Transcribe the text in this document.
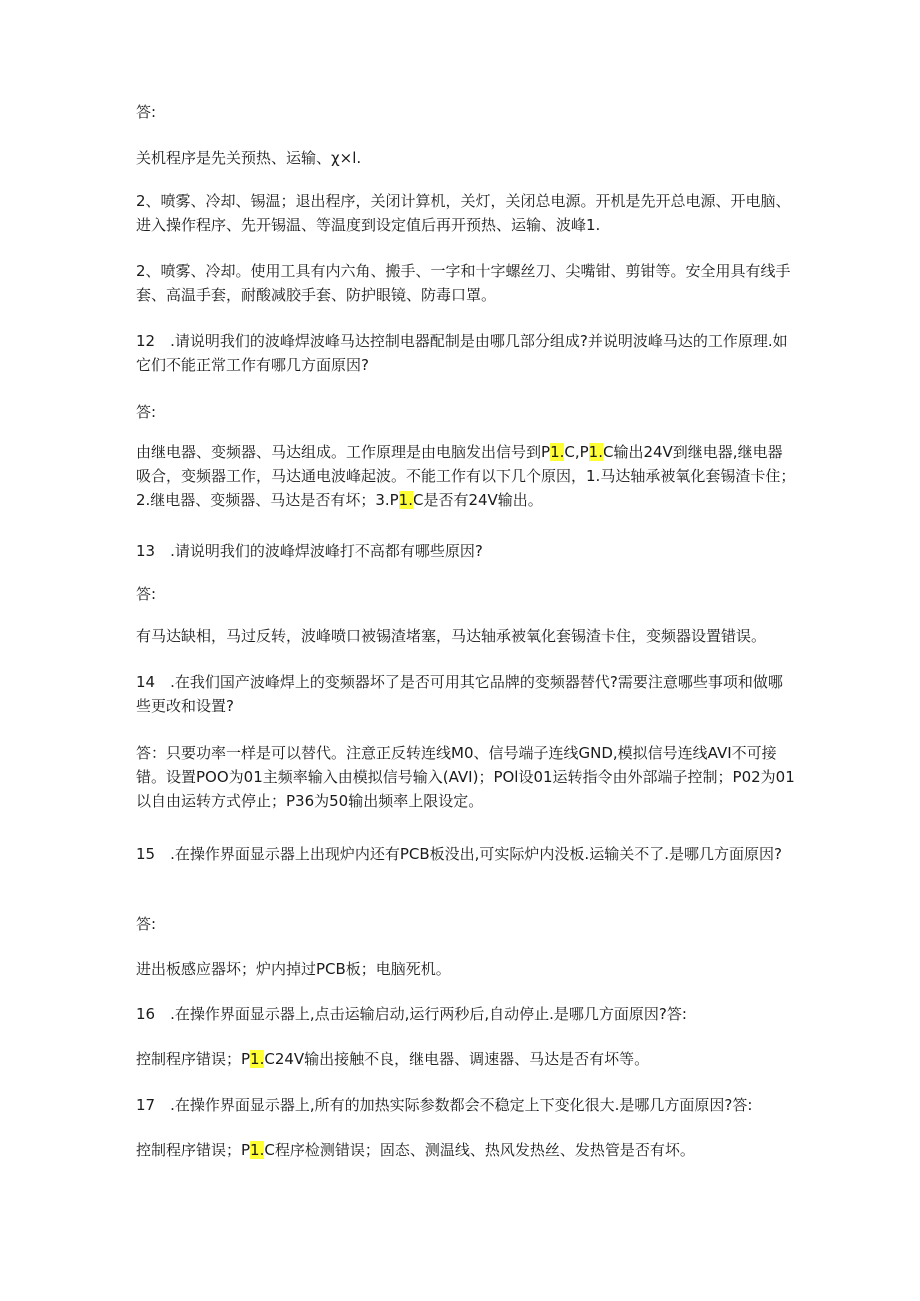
答:

关机程序是先关预热、运输、χ×l.

2、喷雾、冷却、锡温；退出程序，关闭计算机，关灯，关闭总电源。开机是先开总电源、开电脑、进入操作程序、先开锡温、等温度到设定值后再开预热、运输、波峰1.

2、喷雾、冷却。使用工具有内六角、搬手、一字和十字螺丝刀、尖嘴钳、剪钳等。安全用具有线手套、高温手套，耐酸减胶手套、防护眼镜、防毒口罩。

12　.请说明我们的波峰焊波峰马达控制电器配制是由哪几部分组成?并说明波峰马达的工作原理.如它们不能正常工作有哪几方面原因?

答:

由继电器、变频器、马达组成。工作原理是由电脑发出信号到P1.C,P1.C输出24V到继电器,继电器吸合，变频器工作，马达通电波峰起波。不能工作有以下几个原因，1.马达轴承被氧化套锡渣卡住；2.继电器、变频器、马达是否有坏；3.P1.C是否有24V输出。

13　.请说明我们的波峰焊波峰打不高都有哪些原因?

答:

有马达缺相，马过反转，波峰喷口被锡渣堵塞，马达轴承被氧化套锡渣卡住，变频器设置错误。

14　.在我们国产波峰焊上的变频器坏了是否可用其它品牌的变频器替代?需要注意哪些事项和做哪些更改和设置?

答：只要功率一样是可以替代。注意正反转连线M0、信号端子连线GND,模拟信号连线AVI不可接错。设置POO为01主频率输入由模拟信号输入(AVI)；POl设01运转指令由外部端子控制；P02为01以自由运转方式停止；P36为50输出频率上限设定。

15　.在操作界面显示器上出现炉内还有PCB板没出,可实际炉内没板.运输关不了.是哪几方面原因?

答:

进出板感应器坏；炉内掉过PCB板；电脑死机。

16　.在操作界面显示器上,点击运输启动,运行两秒后,自动停止.是哪几方面原因?答:

控制程序错误；P1.C24V输出接触不良，继电器、调速器、马达是否有坏等。

17　.在操作界面显示器上,所有的加热实际参数都会不稳定上下变化很大.是哪几方面原因?答:

控制程序错误；P1.C程序检测错误；固态、测温线、热风发热丝、发热管是否有坏。
